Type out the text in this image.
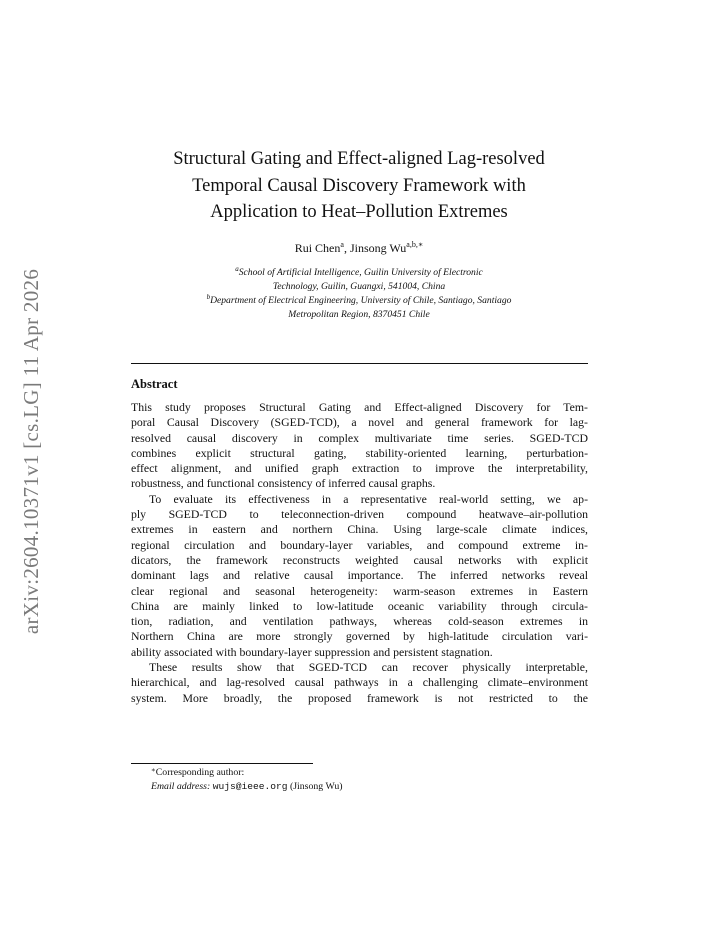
arXiv:2604.10371v1 [cs.LG] 11 Apr 2026
Structural Gating and Effect-aligned Lag-resolved
Temporal Causal Discovery Framework with
Application to Heat–Pollution Extremes
Rui Chen$^a$, Jinsong $Wu^{a,b,∗}$
$^a$School of Artificial Intelligence, Guilin University of Electronic
Technology, Guilin, Guangxi, 541004, China
$^b$Department of Electrical Engineering, University of Chile, Santiago, Santiago
Metropolitan Region, 8370451 Chile
Abstract

This study proposes Structural Gating and Effect-aligned Discovery for Tem-
poral Causal Discovery (SGED-TCD), a novel and general framework for lag-
resolved causal discovery in complex multivariate time series. SGED-TCD
combines explicit structural gating, stability-oriented learning, perturbation-
effect alignment, and unified graph extraction to improve the interpretability,
robustness, and functional consistency of inferred causal graphs.

To evaluate its effectiveness in a representative real-world setting, we ap-
ply SGED-TCD to teleconnection-driven compound heatwave–air-pollution
extremes in eastern and northern China. Using large-scale climate indices,
regional circulation and boundary-layer variables, and compound extreme in-
dicators, the framework reconstructs weighted causal networks with explicit
dominant lags and relative causal importance. The inferred networks reveal
clear regional and seasonal heterogeneity: warm-season extremes in Eastern
China are mainly linked to low-latitude oceanic variability through circula-
tion, radiation, and ventilation pathways, whereas cold-season extremes in
Northern China are more strongly governed by high-latitude circulation vari-
ability associated with boundary-layer suppression and persistent stagnation.

These results show that SGED-TCD can recover physically interpretable,
hierarchical, and lag-resolved causal pathways in a challenging climate–environment
system. More broadly, the proposed framework is not restricted to the

∗Corresponding author:
Email address: wujs@ieee.org (Jinsong Wu)
